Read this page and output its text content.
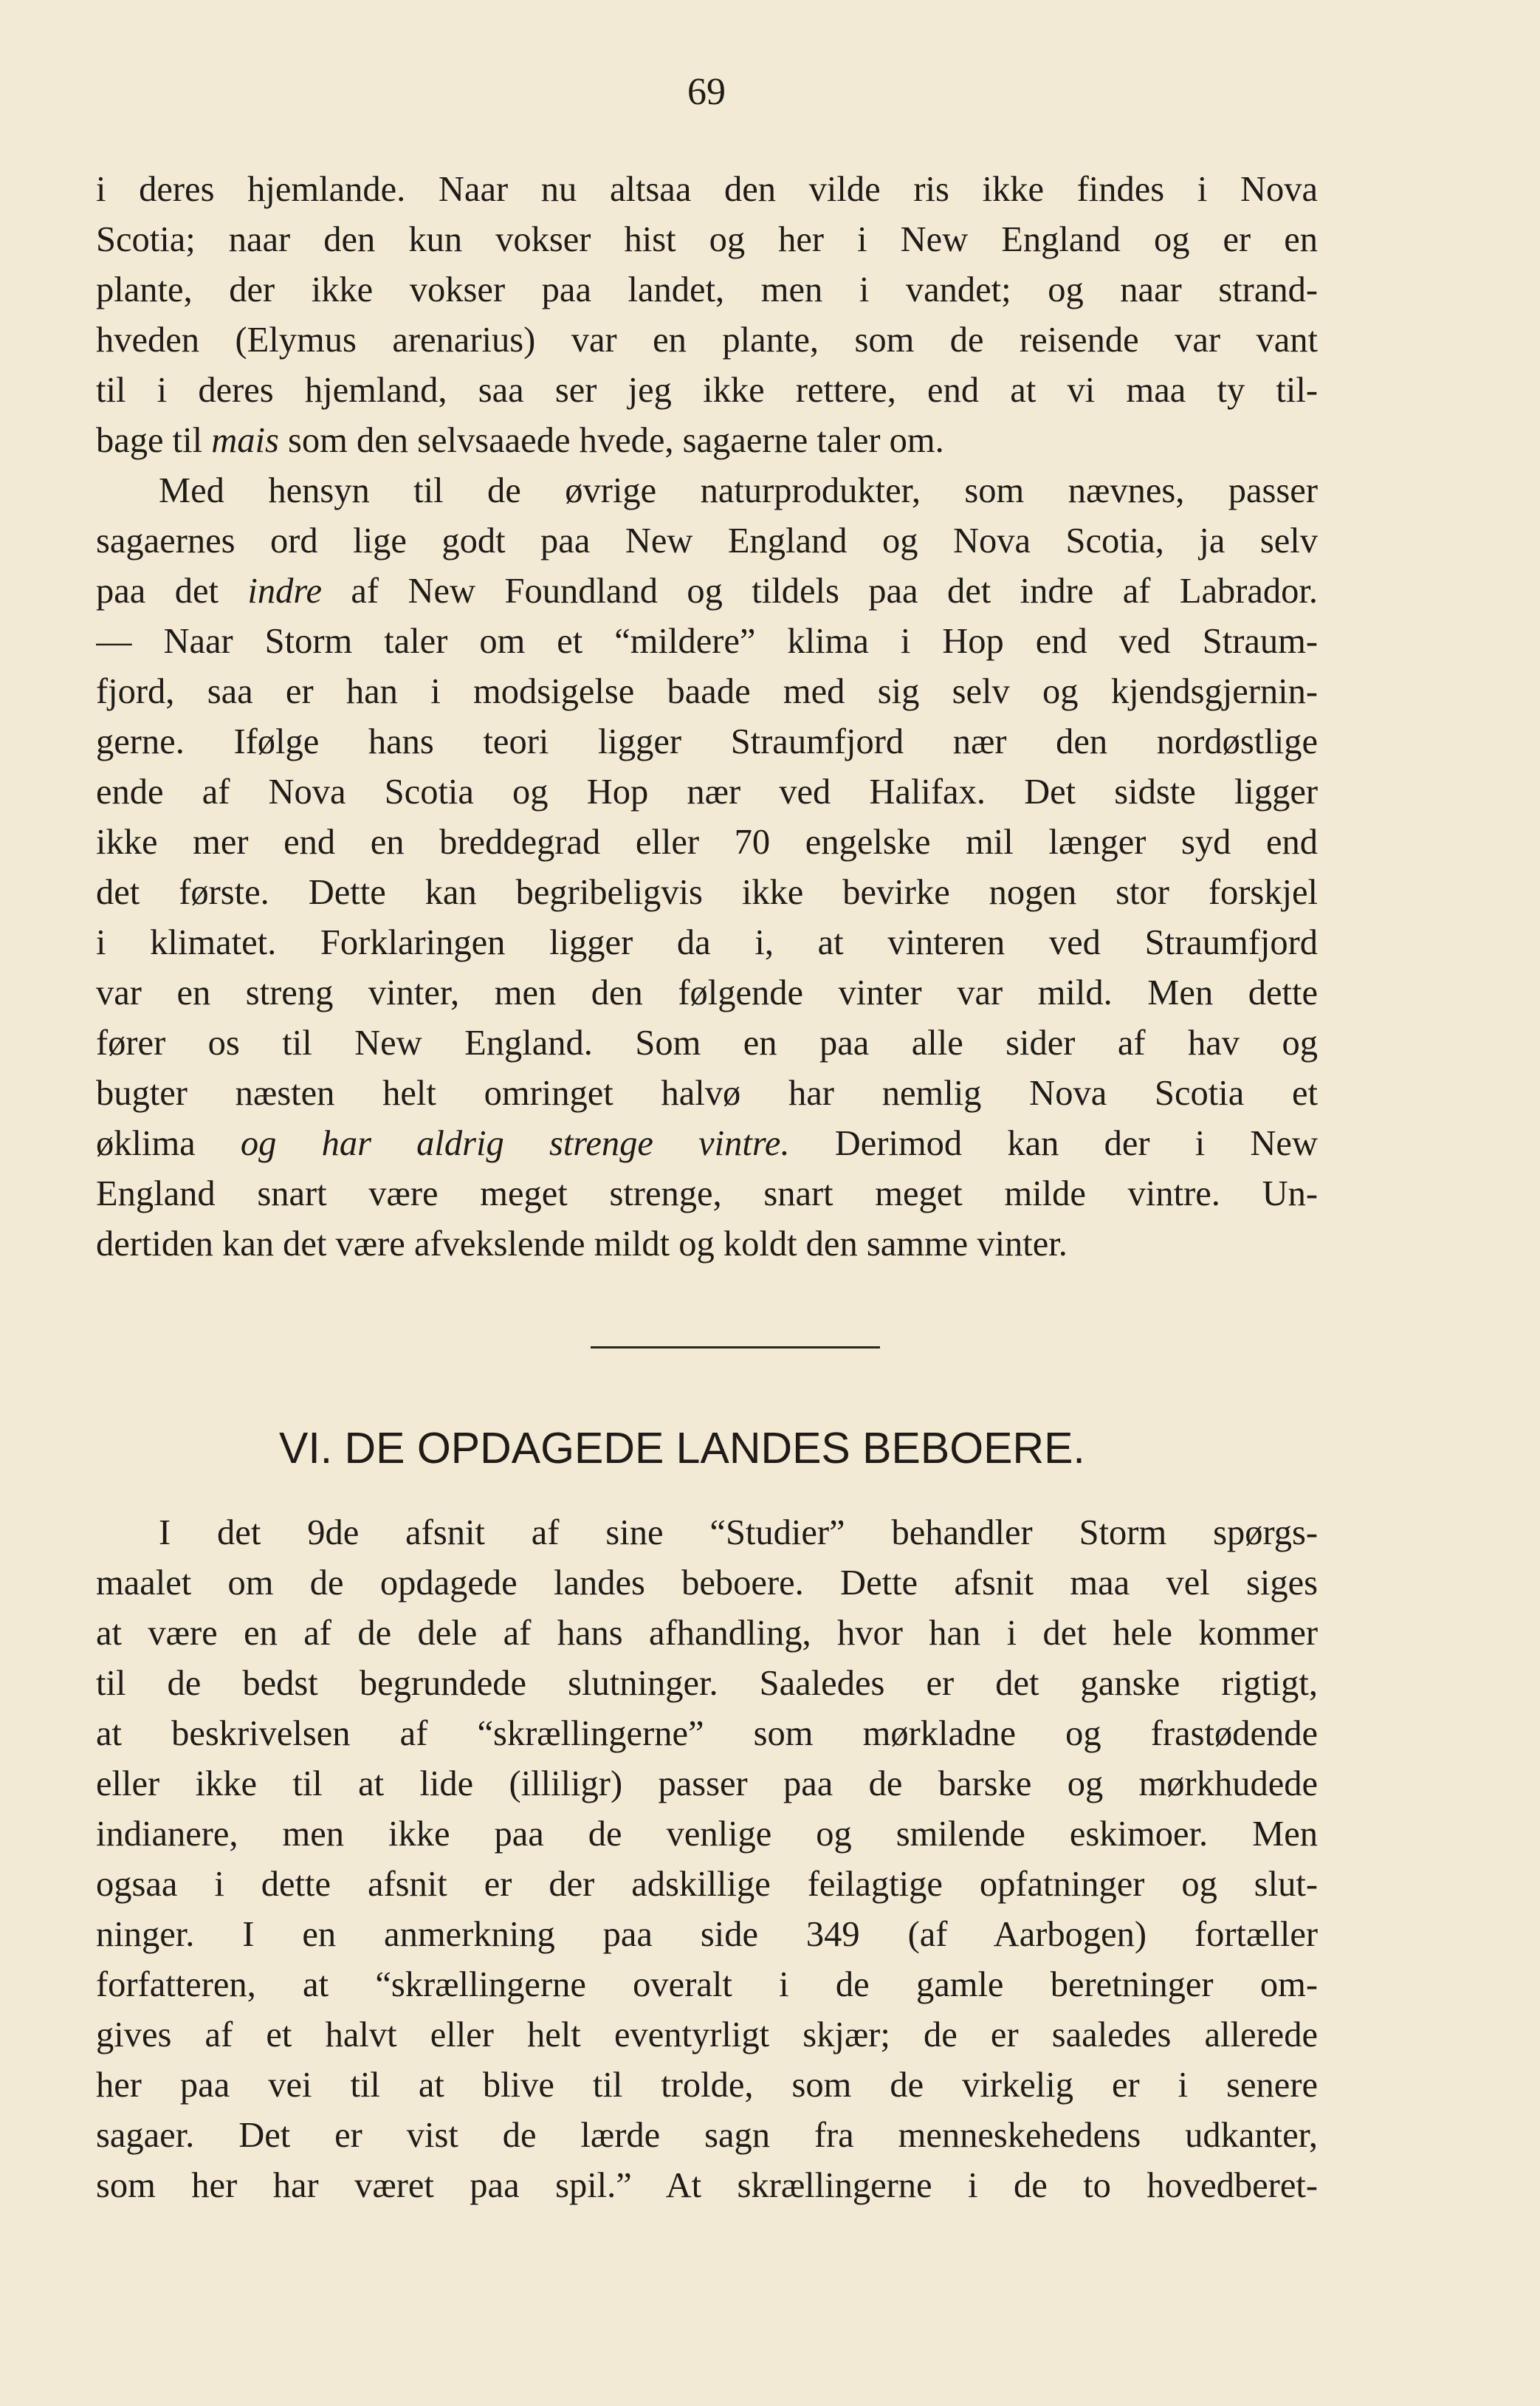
69
i deres hjemlande. Naar nu altsaa den vilde ris ikke findes i Nova
Scotia; naar den kun vokser hist og her i New England og er en
plante, der ikke vokser paa landet, men i vandet; og naar strand-
hveden (Elymus arenarius) var en plante, som de reisende var vant
til i deres hjemland, saa ser jeg ikke rettere, end at vi maa ty til-
bage til mais som den selvsaaede hvede, sagaerne taler om.
Med hensyn til de øvrige naturprodukter, som nævnes, passer
sagaernes ord lige godt paa New England og Nova Scotia, ja selv
paa det indre af New Foundland og tildels paa det indre af Labrador.
— Naar Storm taler om et “mildere” klima i Hop end ved Straum-
fjord, saa er han i modsigelse baade med sig selv og kjendsgjernin-
gerne. Ifølge hans teori ligger Straumfjord nær den nordøstlige
ende af Nova Scotia og Hop nær ved Halifax. Det sidste ligger
ikke mer end en breddegrad eller 70 engelske mil længer syd end
det første. Dette kan begribeligvis ikke bevirke nogen stor forskjel
i klimatet. Forklaringen ligger da i, at vinteren ved Straumfjord
var en streng vinter, men den følgende vinter var mild. Men dette
fører os til New England. Som en paa alle sider af hav og
bugter næsten helt omringet halvø har nemlig Nova Scotia et
øklima og har aldrig strenge vintre. Derimod kan der i New
England snart være meget strenge, snart meget milde vintre. Un-
dertiden kan det være afvekslende mildt og koldt den samme vinter.
VI. DE OPDAGEDE LANDES BEBOERE.
I det 9de afsnit af sine “Studier” behandler Storm spørgs-
maalet om de opdagede landes beboere. Dette afsnit maa vel siges
at være en af de dele af hans afhandling, hvor han i det hele kommer
til de bedst begrundede slutninger. Saaledes er det ganske rigtigt,
at beskrivelsen af “skrællingerne” som mørkladne og frastødende
eller ikke til at lide (illiligr) passer paa de barske og mørkhudede
indianere, men ikke paa de venlige og smilende eskimoer. Men
ogsaa i dette afsnit er der adskillige feilagtige opfatninger og slut-
ninger. I en anmerkning paa side 349 (af Aarbogen) fortæller
forfatteren, at “skrællingerne overalt i de gamle beretninger om-
gives af et halvt eller helt eventyrligt skjær; de er saaledes allerede
her paa vei til at blive til trolde, som de virkelig er i senere
sagaer. Det er vist de lærde sagn fra menneskehedens udkanter,
som her har været paa spil.” At skrællingerne i de to hovedberet-
